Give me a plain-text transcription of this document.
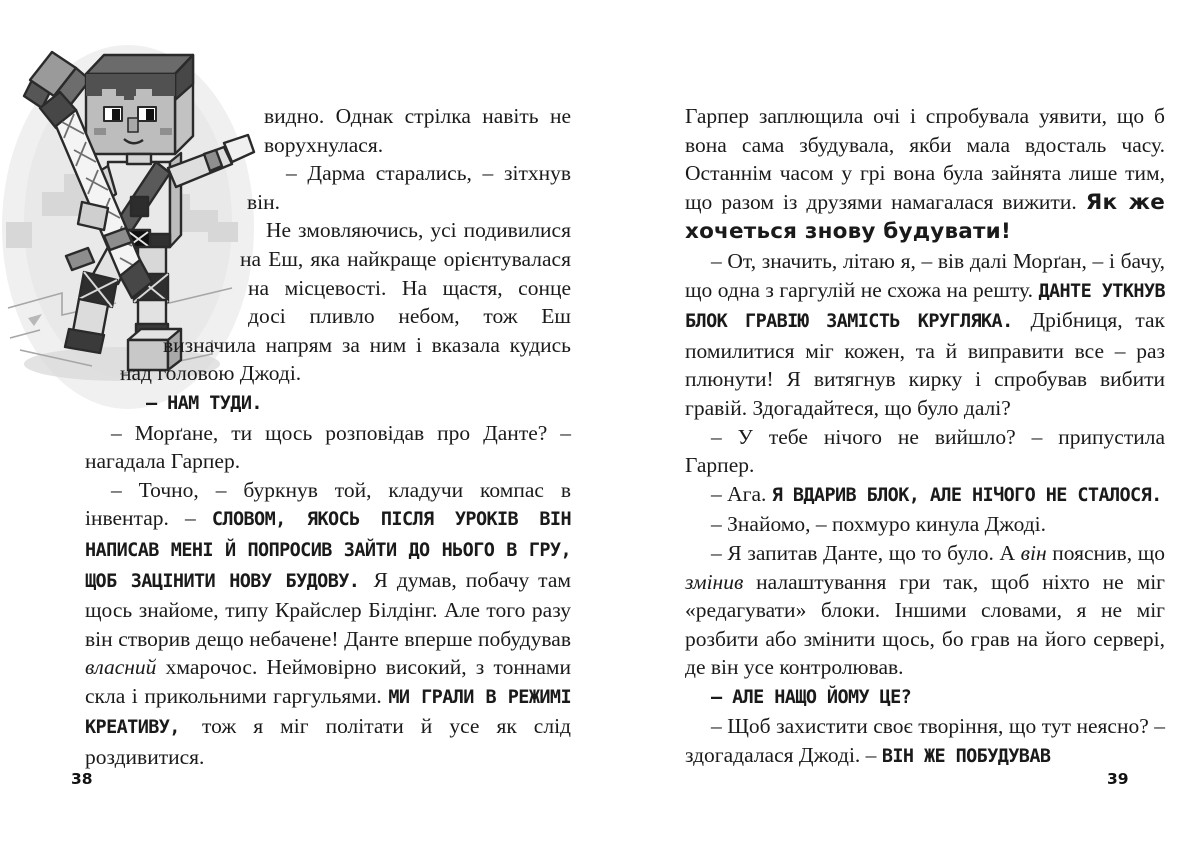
видно. Однак стрілка навіть не ворухнулася.

– Дарма старались, – зітхнув він.

Не змовляючись, усі подивилися на Еш, яка найкраще орієнтувалася на місцевості. На щастя, сонце досі пливло небом, тож Еш визначила напрям за ним і вказала кудись над головою Джоді.

– НАМ ТУДИ.

– Морґане, ти щось розповідав про Данте? – нагадала Гарпер.

– Точно, – буркнув той, кладучи компас в інвентар. – СЛОВОМ, ЯКОСЬ ПІСЛЯ УРОКІВ ВІН НАПИСАВ МЕНІ Й ПОПРОСИВ ЗАЙТИ ДО НЬОГО В ГРУ, ЩОБ ЗАЦІНИТИ НОВУ БУДОВУ. Я думав, побачу там щось знайоме, типу Крайслер Білдінг. Але того разу він створив дещо небачене! Данте вперше побудував власний хмарочос. Неймовірно високий, з тоннами скла і прикольними гаргульями. МИ ГРАЛИ В РЕЖИМІ КРЕАТИВУ, тож я міг політати й усе як слід роздивитися.

Гарпер заплющила очі і спробувала уявити, що б вона сама збудувала, якби мала вдосталь часу. Останнім часом у грі вона була зайнята лише тим, що разом із друзями намагалася вижити. Як же хочеться знову будувати!

– От, значить, літаю я, – вів далі Морґан, – і бачу, що одна з гаргулій не схожа на решту. ДАНТЕ УТКНУВ БЛОК ГРАВІЮ ЗАМІСТЬ КРУГЛЯКА. Дрібниця, так помилитися міг кожен, та й виправити все – раз плюнути! Я витягнув кирку і спробував вибити гравій. Здогадайтеся, що було далі?

– У тебе нічого не вийшло? – припустила Гарпер.

– Ага. Я ВДАРИВ БЛОК, АЛЕ НІЧОГО НЕ СТАЛОСЯ.

– Знайомо, – похмуро кинула Джоді.

– Я запитав Данте, що то було. А він пояснив, що змінив налаштування гри так, щоб ніхто не міг «редагувати» блоки. Іншими словами, я не міг розбити або змінити щось, бо грав на його сервері, де він усе контролював.

– АЛЕ НАЩО ЙОМУ ЦЕ?

– Щоб захистити своє творіння, що тут неясно? – здогадалася Джоді. – ВІН ЖЕ ПОБУДУВАВ

38	39
